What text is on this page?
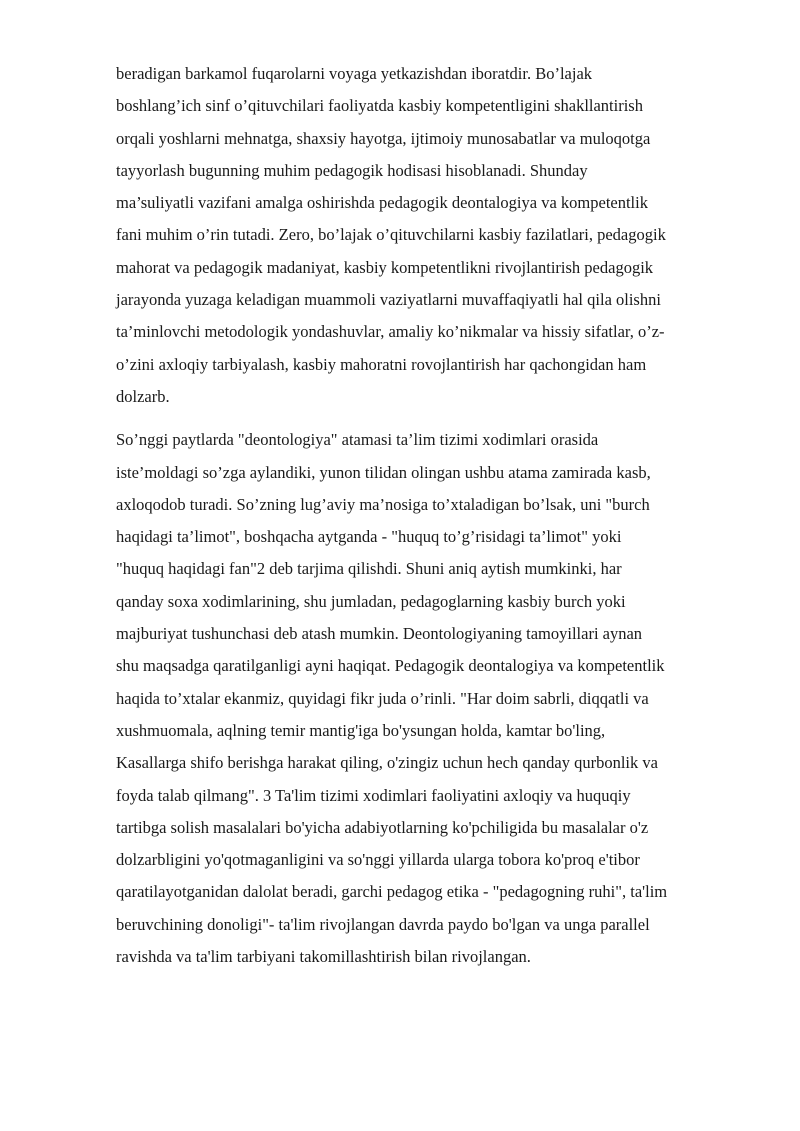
beradigan barkamol fuqarolarni voyaga yetkazishdan iboratdir. Bo’lajak
boshlang’ich sinf o’qituvchilari faoliyatda kasbiy kompetentligini shakllantirish
orqali yoshlarni mehnatga, shaxsiy hayotga, ijtimoiy munosabatlar va muloqotga
tayyorlash bugunning muhim pedagogik hodisasi hisoblanadi. Shunday
ma’suliyatli vazifani amalga oshirishda pedagogik deontalogiya va kompetentlik
fani muhim o’rin tutadi. Zero, bo’lajak o’qituvchilarni kasbiy fazilatlari, pedagogik
mahorat va pedagogik madaniyat, kasbiy kompetentlikni rivojlantirish pedagogik
jarayonda yuzaga keladigan muammoli vaziyatlarni muvaffaqiyatli hal qila olishni
ta’minlovchi metodologik yondashuvlar, amaliy ko’nikmalar va hissiy sifatlar, o’z-
o’zini axloqiy tarbiyalash, kasbiy mahoratni rovojlantirish har qachongidan ham
dolzarb.

So’nggi paytlarda "deontologiya" atamasi ta’lim tizimi xodimlari orasida
iste’moldagi so’zga aylandiki, yunon tilidan olingan ushbu atama zamirada kasb,
axloqodob turadi. So’zning lug’aviy ma’nosiga to’xtaladigan bo’lsak, uni "burch
haqidagi ta’limot", boshqacha aytganda - "huquq to’g’risidagi ta’limot" yoki
"huquq haqidagi fan"2 deb tarjima qilishdi. Shuni aniq aytish mumkinki, har
qanday soxa xodimlarining, shu jumladan, pedagoglarning kasbiy burch yoki
majburiyat tushunchasi deb atash mumkin. Deontologiyaning tamoyillari aynan
shu maqsadga qaratilganligi ayni haqiqat. Pedagogik deontalogiya va kompetentlik
haqida to’xtalar ekanmiz, quyidagi fikr juda o’rinli. "Har doim sabrli, diqqatli va
xushmuomala, aqlning temir mantig'iga bo'ysungan holda, kamtar bo'ling,
Kasallarga shifo berishga harakat qiling, o'zingiz uchun hech qanday qurbonlik va
foyda talab qilmang". 3 Ta'lim tizimi xodimlari faoliyatini axloqiy va huquqiy
tartibga solish masalalari bo'yicha adabiyotlarning ko'pchiligida bu masalalar o'z
dolzarbligini yo'qotmaganligini va so'nggi yillarda ularga tobora ko'proq e'tibor
qaratilayotganidan dalolat beradi, garchi pedagog etika - "pedagogning ruhi", ta'lim
beruvchining donoligi"- ta'lim rivojlangan davrda paydo bo'lgan va unga parallel
ravishda va ta'lim tarbiyani takomillashtirish bilan rivojlangan.
